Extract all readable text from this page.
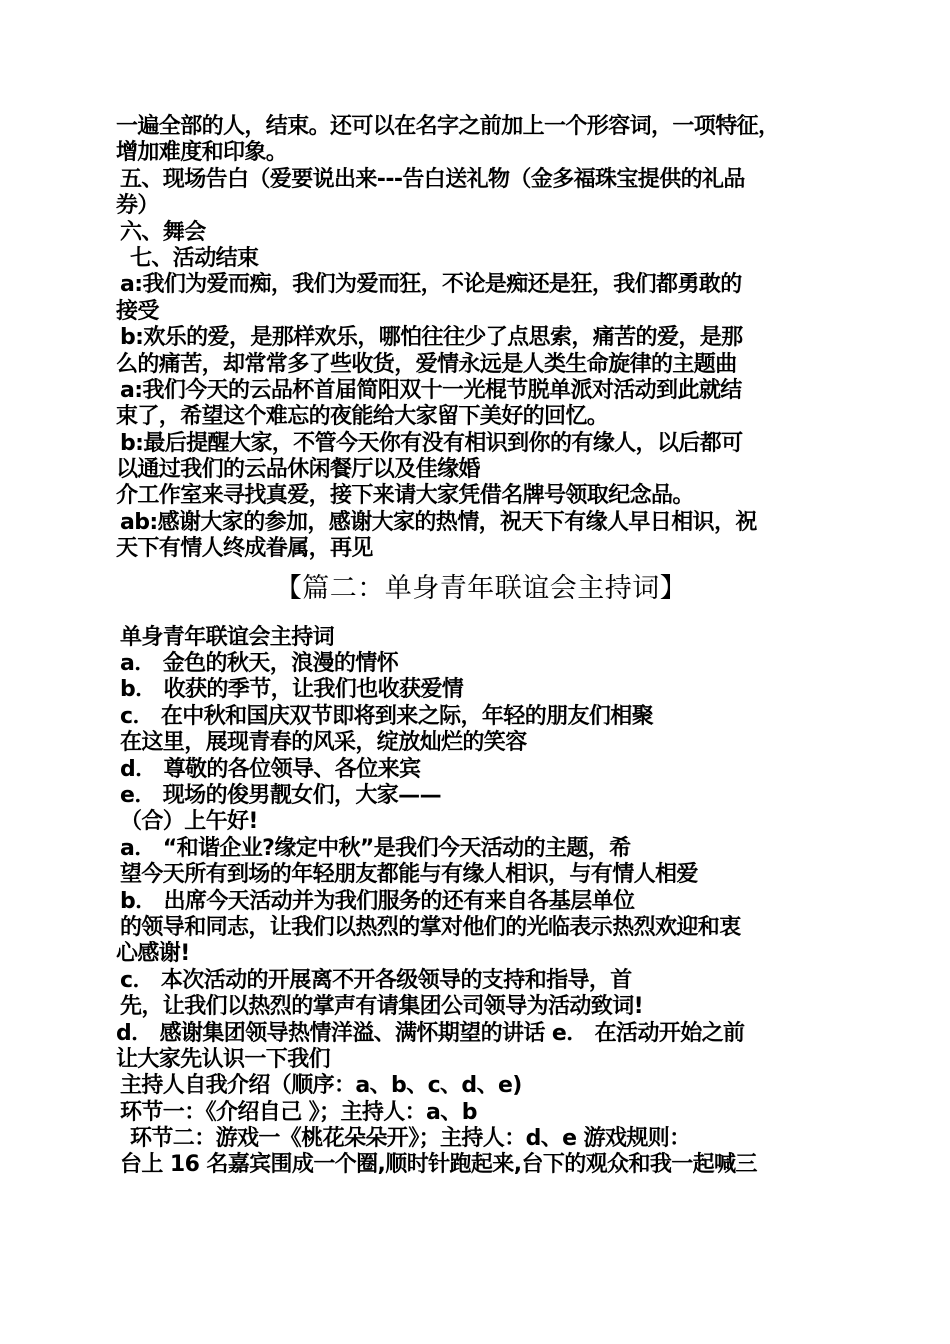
一遍全部的人，结束。还可以在名字之前加上一个形容词，一项特征，
增加难度和印象。
五、现场告白（爱要说出来---告白送礼物（金多福珠宝提供的礼品
券）
六、舞会
七、活动结束
a:我们为爱而痴，我们为爱而狂，不论是痴还是狂，我们都勇敢的
接受
b:欢乐的爱，是那样欢乐，哪怕往往少了点思索，痛苦的爱，是那
么的痛苦，却常常多了些收货，爱情永远是人类生命旋律的主题曲
a:我们今天的云品杯首届简阳双十一光棍节脱单派对活动到此就结
束了，希望这个难忘的夜能给大家留下美好的回忆。
b:最后提醒大家，不管今天你有没有相识到你的有缘人，以后都可
以通过我们的云品休闲餐厅以及佳缘婚
介工作室来寻找真爱，接下来请大家凭借名牌号领取纪念品。
ab:感谢大家的参加，感谢大家的热情，祝天下有缘人早日相识，祝
天下有情人终成眷属，再见
【篇二：单身青年联谊会主持词】
单身青年联谊会主持词
a． 金色的秋天，浪漫的情怀
b． 收获的季节，让我们也收获爱情
c． 在中秋和国庆双节即将到来之际，年轻的朋友们相聚
在这里，展现青春的风采，绽放灿烂的笑容
d． 尊敬的各位领导、各位来宾
e． 现场的俊男靓女们，大家——
（合）上午好!
a． “和谐企业?缘定中秋”是我们今天活动的主题，希
望今天所有到场的年轻朋友都能与有缘人相识，与有情人相爱
b． 出席今天活动并为我们服务的还有来自各基层单位
的领导和同志，让我们以热烈的掌对他们的光临表示热烈欢迎和衷
心感谢!
c． 本次活动的开展离不开各级领导的支持和指导，首
先，让我们以热烈的掌声有请集团公司领导为活动致词!
d． 感谢集团领导热情洋溢、满怀期望的讲话 e． 在活动开始之前
让大家先认识一下我们
主持人自我介绍（顺序：a、b、c、d、e)
环节一：《介绍自己 》；主持人：a、b
环节二：游戏一《桃花朵朵开》；主持人：d、e 游戏规则：
台上 16 名嘉宾围成一个圈,顺时针跑起来,台下的观众和我一起喊三
